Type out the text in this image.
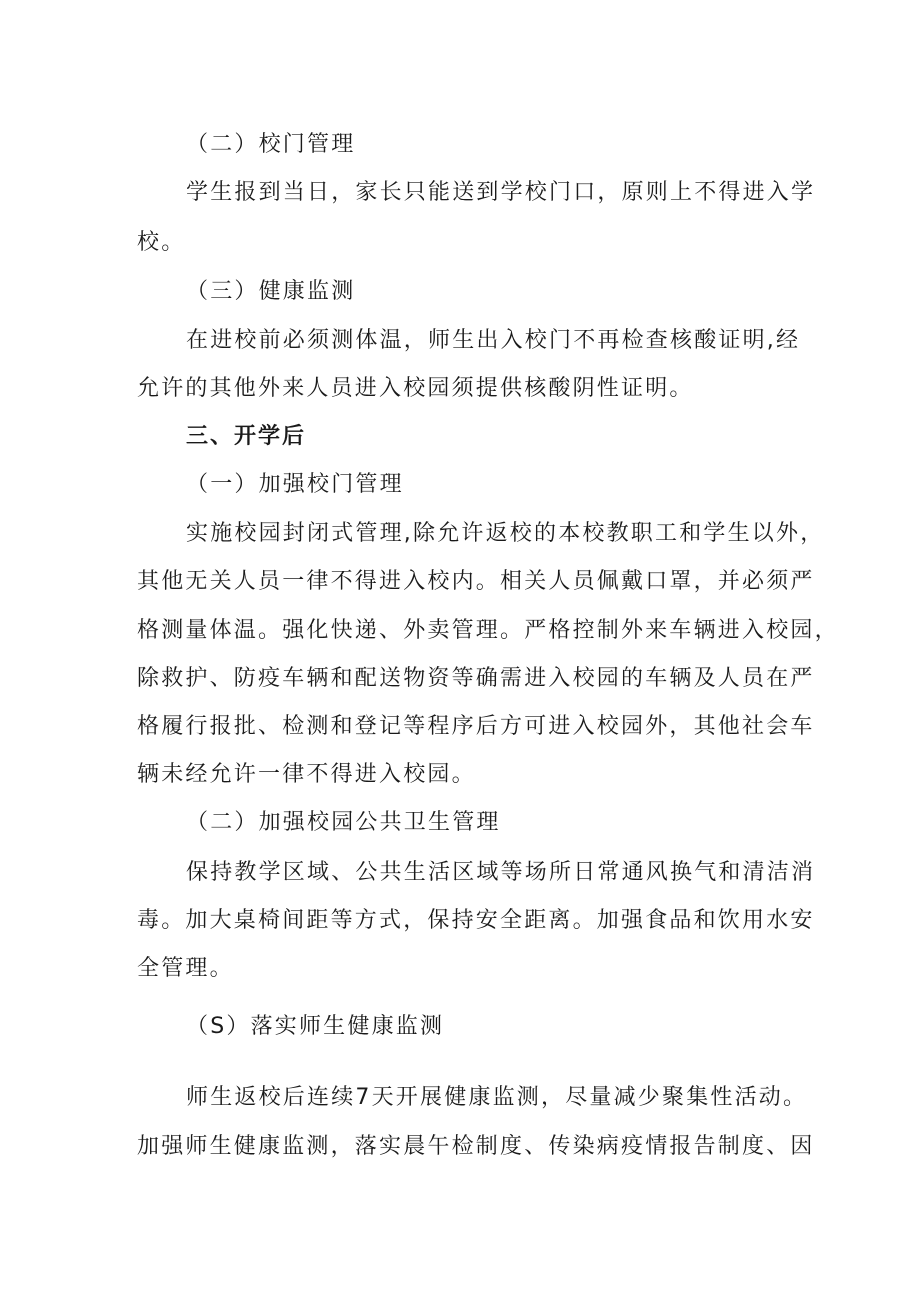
（二）校门管理
学生报到当日，家长只能送到学校门口，原则上不得进入学
校。
（三）健康监测
在进校前必须测体温，师生出入校门不再检查核酸证明,经
允许的其他外来人员进入校园须提供核酸阴性证明。
三、开学后
（一）加强校门管理
实施校园封闭式管理,除允许返校的本校教职工和学生以外，
其他无关人员一律不得进入校内。相关人员佩戴口罩，并必须严
格测量体温。强化快递、外卖管理。严格控制外来车辆进入校园，
除救护、防疫车辆和配送物资等确需进入校园的车辆及人员在严
格履行报批、检测和登记等程序后方可进入校园外，其他社会车
辆未经允许一律不得进入校园。
（二）加强校园公共卫生管理
保持教学区域、公共生活区域等场所日常通风换气和清洁消
毒。加大桌椅间距等方式，保持安全距离。加强食品和饮用水安
全管理。
（S）落实师生健康监测
师生返校后连续7天开展健康监测，尽量减少聚集性活动。
加强师生健康监测，落实晨午检制度、传染病疫情报告制度、因
